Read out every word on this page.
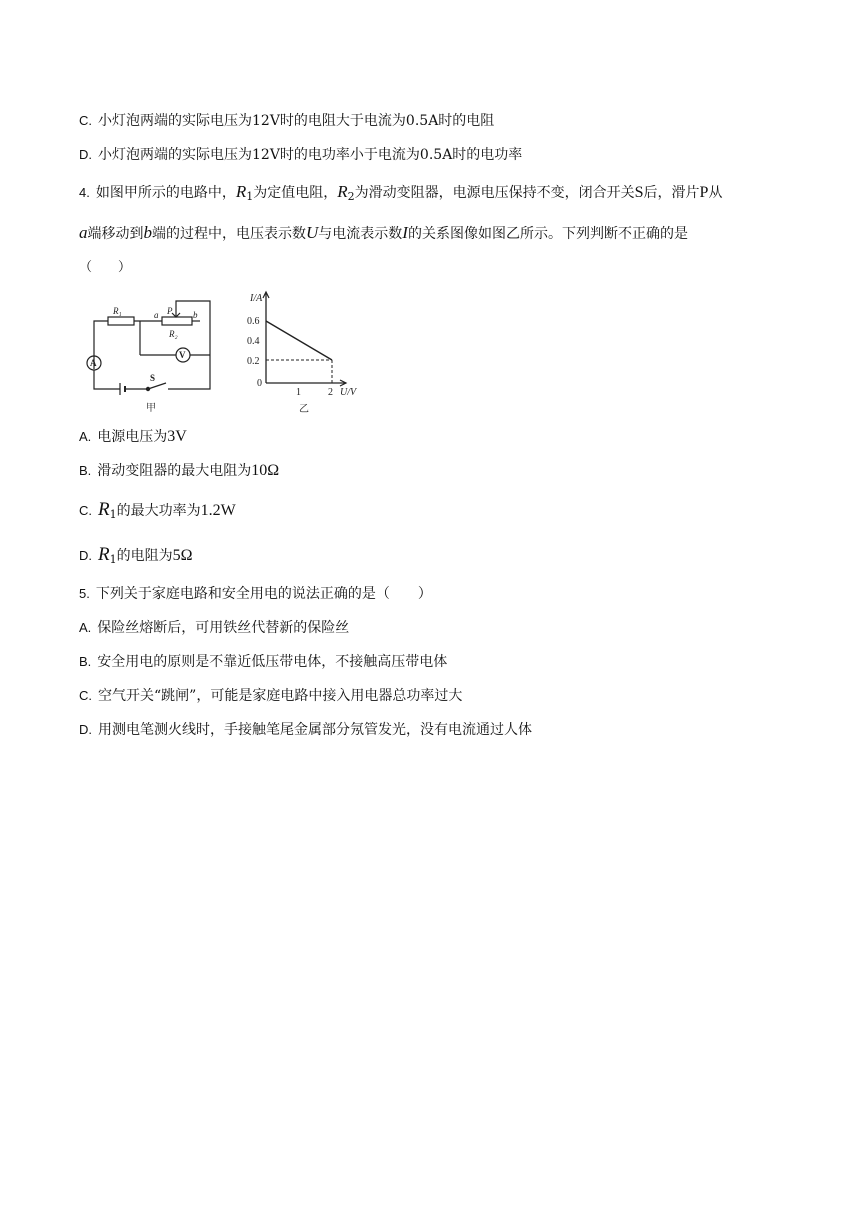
C. 小灯泡两端的实际电压为12V时的电阻大于电流为0.5A时的电阻
D. 小灯泡两端的实际电压为12V时的电功率小于电流为0.5A时的电功率
4. 如图甲所示的电路中，$R_1$为定值电阻，$R_2$为滑动变阻器，电源电压保持不变，闭合开关S后，滑片P从
a端移动到b端的过程中，电压表示数U与电流表示数I的关系图像如图乙所示。下列判断不正确的是
（　　）
R₁	a P b
R₂
V
A
S
甲
I/A
0.6
0.4
0.2
0
1	2 U/V
乙
A. 电源电压为3V
B. 滑动变阻器的最大电阻为10Ω
C. $R_1$的最大功率为1.2W
D. $R_1$的电阻为5Ω
5. 下列关于家庭电路和安全用电的说法正确的是（　　）
A. 保险丝熔断后，可用铁丝代替新的保险丝
B. 安全用电的原则是不靠近低压带电体，不接触高压带电体
C. 空气开关“跳闸”，可能是家庭电路中接入用电器总功率过大
D. 用测电笔测火线时，手接触笔尾金属部分氖管发光，没有电流通过人体
